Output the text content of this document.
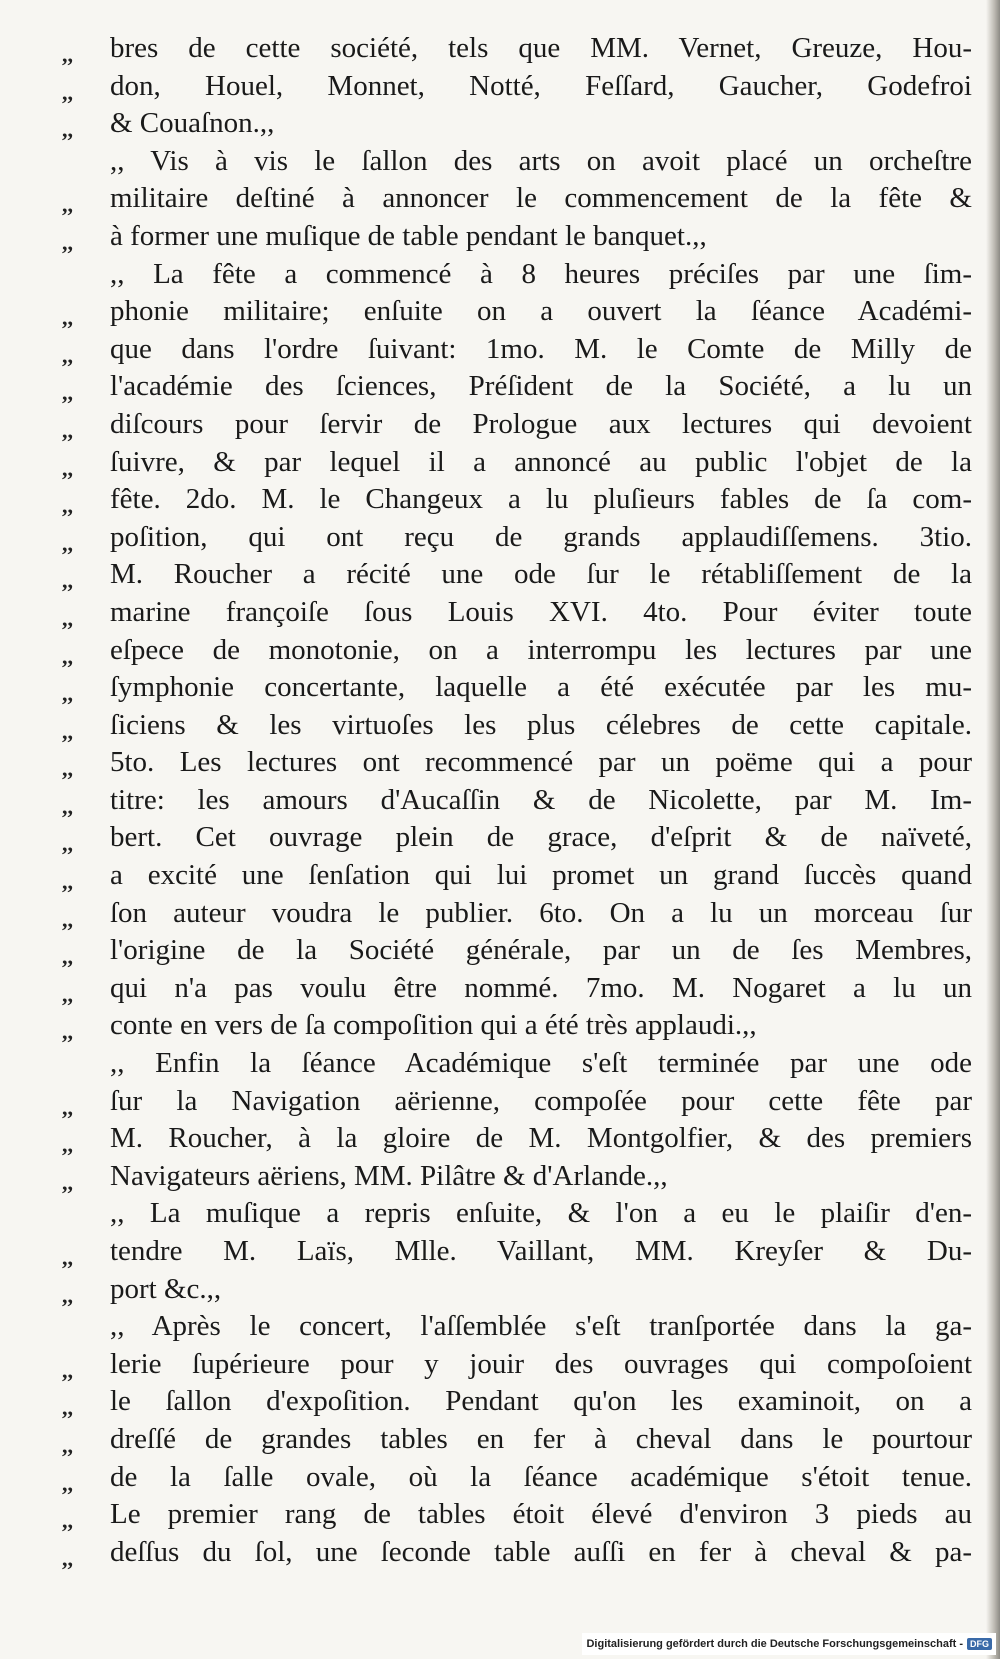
,,	bres de cette société, tels que MM. Vernet, Greuze, Hou-
,,	don, Houel, Monnet, Notté, Feſſard, Gaucher, Godefroi
,,	& Couaſnon.,,
,, Vis à vis le ſallon des arts on avoit placé un orcheſtre
,,	militaire deſtiné à annoncer le commencement de la fête &
,,	à former une muſique de table pendant le banquet.,,
,, La fête a commencé à 8 heures préciſes par une ſim-
,,	phonie militaire; enſuite on a ouvert la ſéance Académi-
,,	que dans l'ordre ſuivant: 1mo. M. le Comte de Milly de
,,	l'académie des ſciences, Préſident de la Société, a lu un
,,	diſcours pour ſervir de Prologue aux lectures qui devoient
,,	ſuivre, & par lequel il a annoncé au public l'objet de la
,,	fête. 2do. M. le Changeux a lu pluſieurs fables de ſa com-
,,	poſition, qui ont reçu de grands applaudiſſemens. 3tio.
,,	M. Roucher a récité une ode ſur le rétabliſſement de la
,,	marine françoiſe ſous Louis XVI. 4to. Pour éviter toute
,,	eſpece de monotonie, on a interrompu les lectures par une
,,	ſymphonie concertante, laquelle a été exécutée par les mu-
,,	ſiciens & les virtuoſes les plus célebres de cette capitale.
,,	5to. Les lectures ont recommencé par un poëme qui a pour
,,	titre: les amours d'Aucaſſin & de Nicolette, par M. Im-
,,	bert. Cet ouvrage plein de grace, d'eſprit & de naïveté,
,,	a excité une ſenſation qui lui promet un grand ſuccès quand
,,	ſon auteur voudra le publier. 6to. On a lu un morceau ſur
,,	l'origine de la Société générale, par un de ſes Membres,
,,	qui n'a pas voulu être nommé. 7mo. M. Nogaret a lu un
,,	conte en vers de ſa compoſition qui a été très applaudi.,,
,, Enfin la ſéance Académique s'eſt terminée par une ode
,,	ſur la Navigation aërienne, compoſée pour cette fête par
,,	M. Roucher, à la gloire de M. Montgolfier, & des premiers
,,	Navigateurs aëriens, MM. Pilâtre & d'Arlande.,,
,, La muſique a repris enſuite, & l'on a eu le plaiſir d'en-
,,	tendre M. Laïs, Mlle. Vaillant, MM. Kreyſer & Du-
,,	port &c.,,
,, Après le concert, l'aſſemblée s'eſt tranſportée dans la ga-
,,	lerie ſupérieure pour y jouir des ouvrages qui compoſoient
,,	le ſallon d'expoſition. Pendant qu'on les examinoit, on a
,,	dreſſé de grandes tables en fer à cheval dans le pourtour
,,	de la ſalle ovale, où la ſéance académique s'étoit tenue.
,,	Le premier rang de tables étoit élevé d'environ 3 pieds au
,,	deſſus du ſol, une ſeconde table auſſi en fer à cheval & pa-
Digitalisierung gefördert durch die Deutsche Forschungsgemeinschaft - DFG
